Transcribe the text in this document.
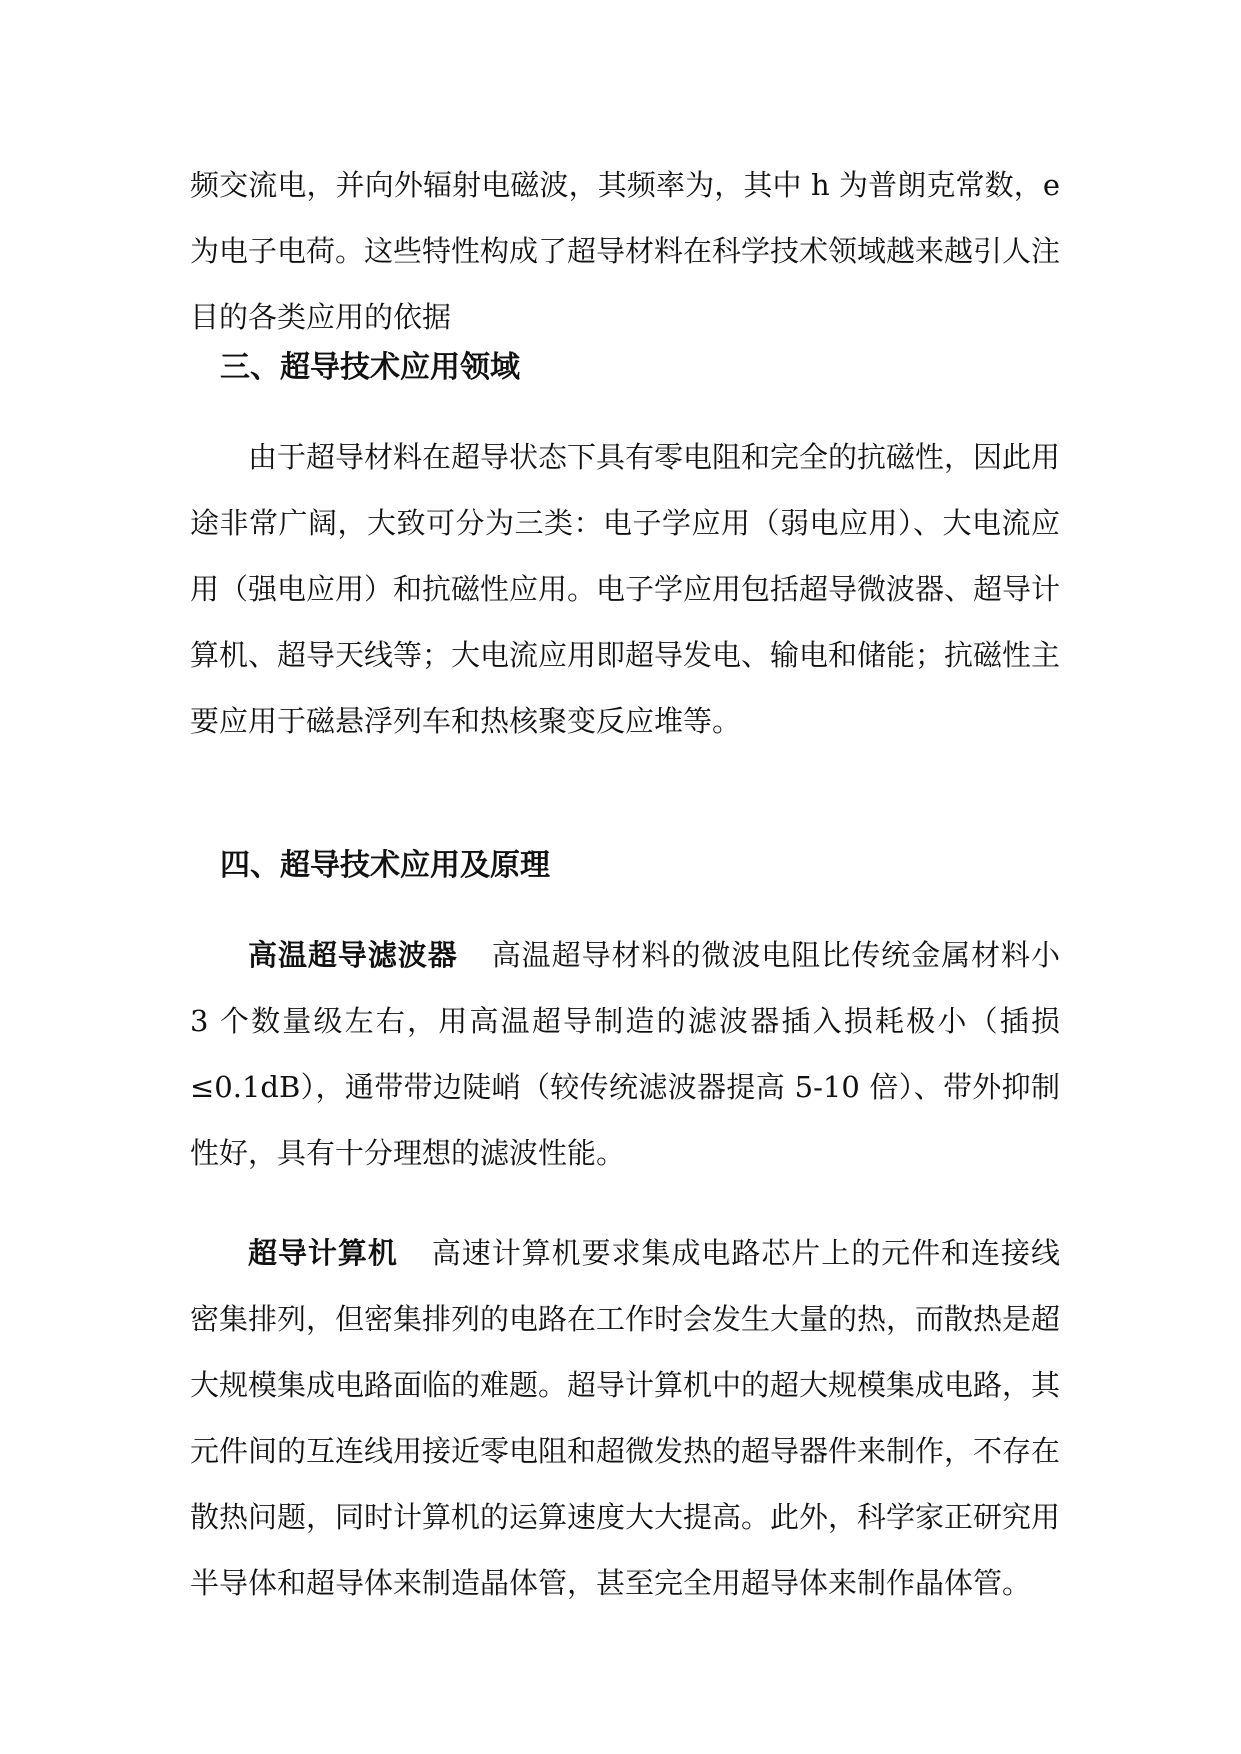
频交流电，并向外辐射电磁波，其频率为，其中 h 为普朗克常数，e 为电子电荷。这些特性构成了超导材料在科学技术领域越来越引人注目的各类应用的依据

三、超导技术应用领域

由于超导材料在超导状态下具有零电阻和完全的抗磁性，因此用途非常广阔，大致可分为三类：电子学应用（弱电应用）、大电流应用（强电应用）和抗磁性应用。电子学应用包括超导微波器、超导计算机、超导天线等；大电流应用即超导发电、输电和储能；抗磁性主要应用于磁悬浮列车和热核聚变反应堆等。

四、超导技术应用及原理

高温超导滤波器 高温超导材料的微波电阻比传统金属材料小 3 个数量级左右，用高温超导制造的滤波器插入损耗极小（插损≤0.1dB），通带带边陡峭（较传统滤波器提高 5-10 倍）、带外抑制性好，具有十分理想的滤波性能。

超导计算机 高速计算机要求集成电路芯片上的元件和连接线密集排列，但密集排列的电路在工作时会发生大量的热，而散热是超大规模集成电路面临的难题。超导计算机中的超大规模集成电路，其元件间的互连线用接近零电阻和超微发热的超导器件来制作，不存在散热问题，同时计算机的运算速度大大提高。此外，科学家正研究用半导体和超导体来制造晶体管，甚至完全用超导体来制作晶体管。
